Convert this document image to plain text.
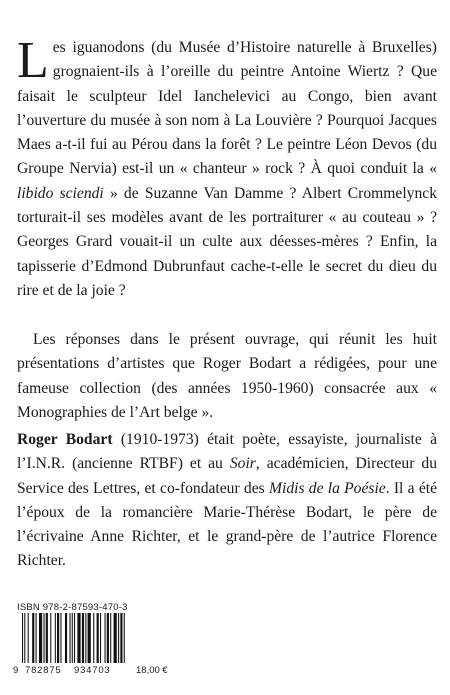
Les iguanodons (du Musée d’Histoire naturelle à Bruxelles) grognaient-ils à l’oreille du peintre Antoine Wiertz ? Que faisait le sculpteur Idel Ianchelevici au Congo, bien avant l’ouverture du musée à son nom à La Louvière ? Pourquoi Jacques Maes a-t-il fui au Pérou dans la forêt ? Le peintre Léon Devos (du Groupe Nervia) est-il un « chanteur » rock ? À quoi conduit la « libido sciendi » de Suzanne Van Damme ? Albert Crommelynck torturait-il ses modèles avant de les portraiturer « au couteau » ? Georges Grard vouait-il un culte aux déesses-mères ? Enfin, la tapisserie d’Edmond Dubrunfaut cache-t-elle le secret du dieu du rire et de la joie ?

Les réponses dans le présent ouvrage, qui réunit les huit présentations d’artistes que Roger Bodart a rédigées, pour une fameuse collection (des années 1950-1960) consacrée aux « Monographies de l’Art belge ».

Roger Bodart (1910-1973) était poète, essayiste, journaliste à l’I.N.R. (ancienne RTBF) et au Soir, académicien, Directeur du Service des Lettres, et co-fondateur des Midis de la Poésie. Il a été l’époux de la romancière Marie-Thérèse Bodart, le père de l’écrivaine Anne Richter, et le grand-père de l’autrice Florence Richter.

ISBN 978-2-87593-470-3
9 782875 934703	18,00 €
